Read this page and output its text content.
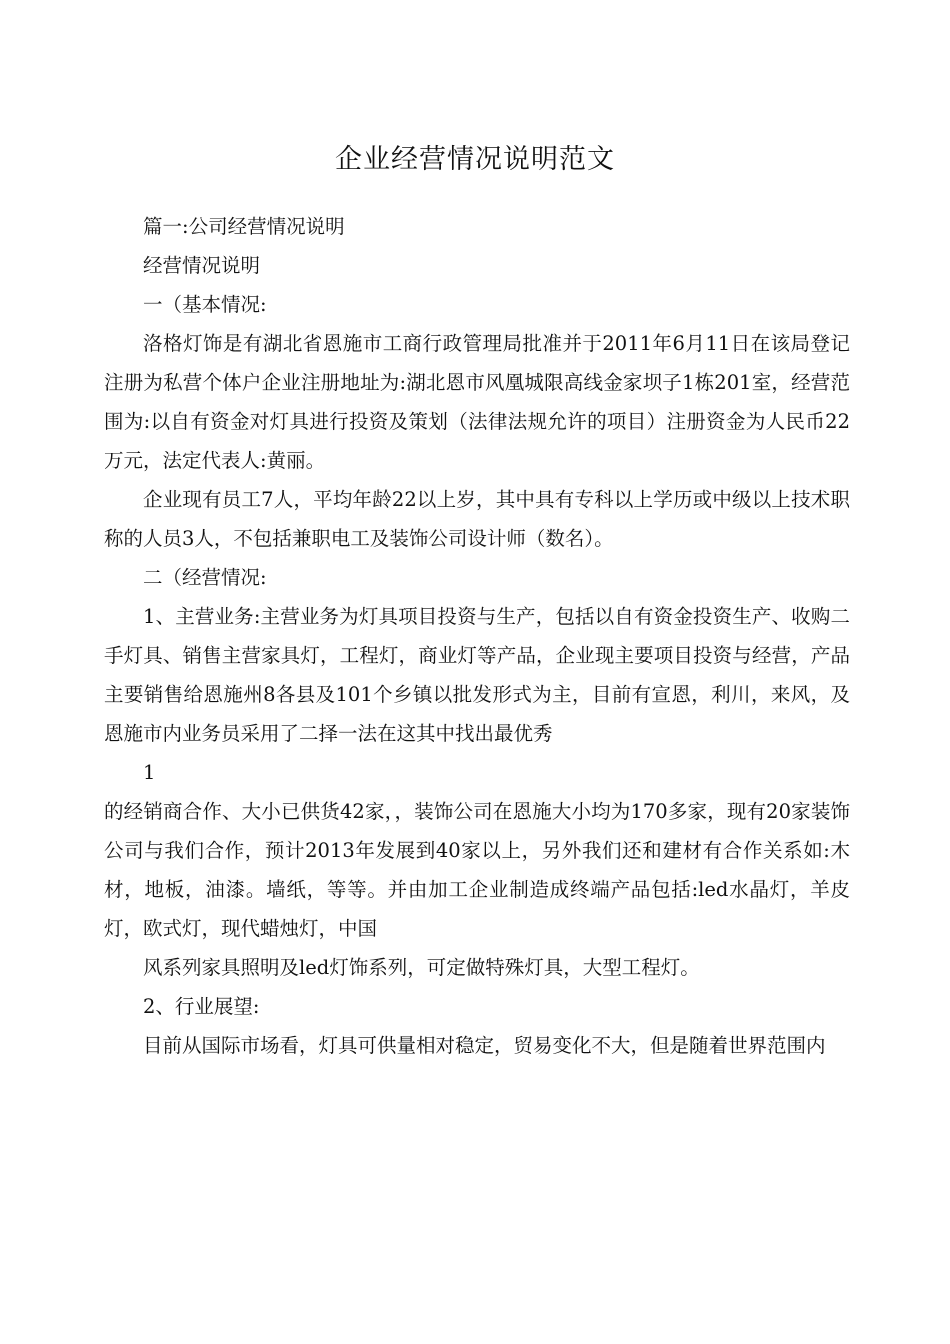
企业经营情况说明范文

篇一:公司经营情况说明

经营情况说明

一（基本情况:

洛格灯饰是有湖北省恩施市工商行政管理局批准并于2011年6月11日在该局登记注册为私营个体户企业注册地址为:湖北恩市风凰城限高线金家坝子1栋201室，经营范围为:以自有资金对灯具进行投资及策划（法律法规允许的项目）注册资金为人民币22万元，法定代表人:黄丽。

企业现有员工7人，平均年龄22以上岁，其中具有专科以上学历或中级以上技术职称的人员3人，不包括兼职电工及装饰公司设计师（数名）。

二（经营情况:

1、主营业务:主营业务为灯具项目投资与生产，包括以自有资金投资生产、收购二手灯具、销售主营家具灯，工程灯，商业灯等产品，企业现主要项目投资与经营，产品主要销售给恩施州8各县及101个乡镇以批发形式为主，目前有宣恩，利川，来风，及恩施市内业务员采用了二择一法在这其中找出最优秀

1

的经销商合作、大小已供货42家，，装饰公司在恩施大小均为170多家，现有20家装饰公司与我们合作，预计2013年发展到40家以上，另外我们还和建材有合作关系如:木材，地板，油漆。墙纸，等等。并由加工企业制造成终端产品包括:led水晶灯，羊皮灯，欧式灯，现代蜡烛灯，中国

风系列家具照明及led灯饰系列，可定做特殊灯具，大型工程灯。

2、行业展望:

目前从国际市场看，灯具可供量相对稳定，贸易变化不大，但是随着世界范围内
